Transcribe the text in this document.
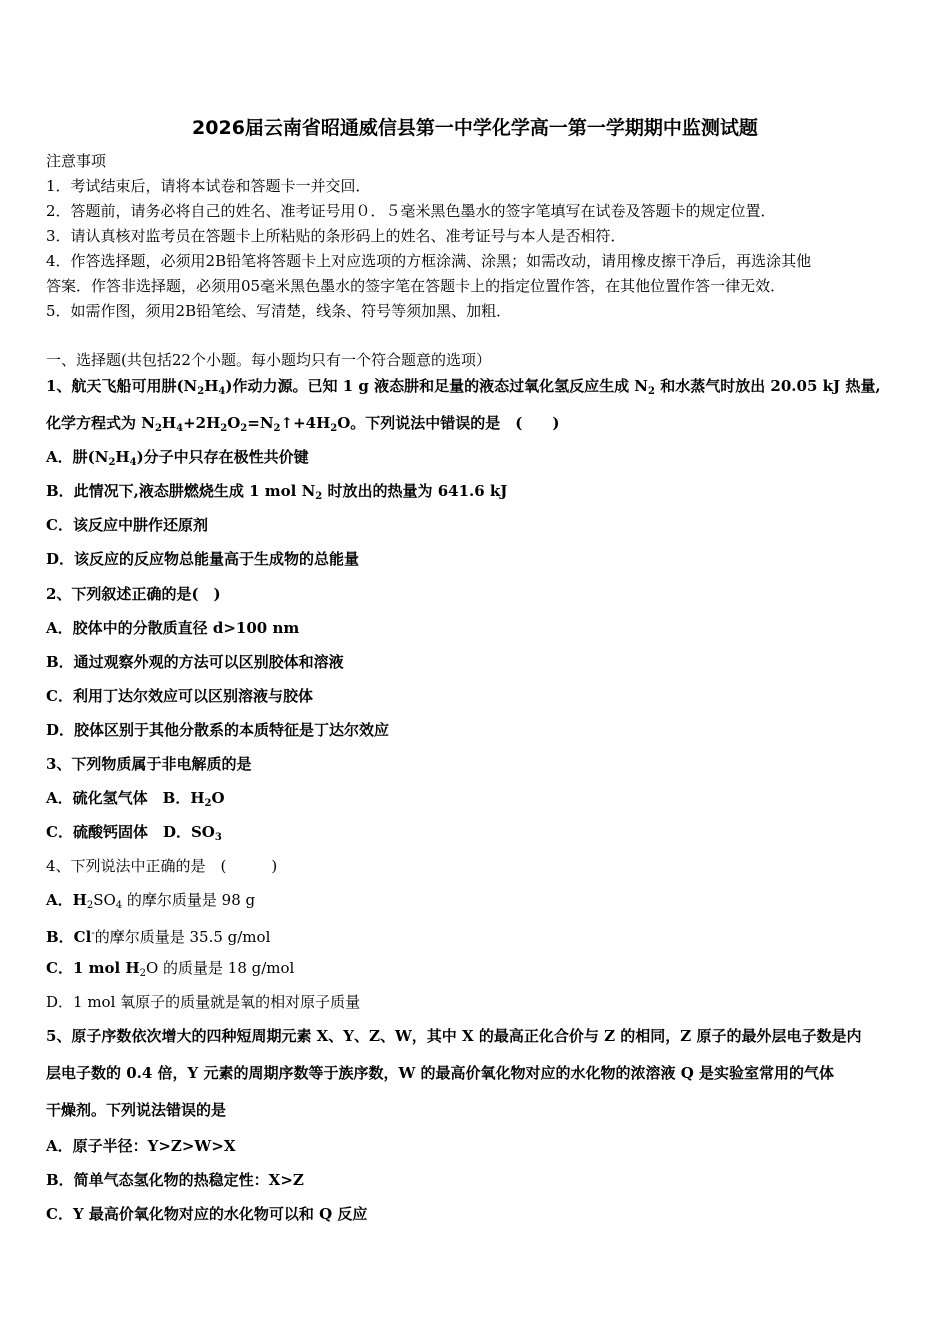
2026届云南省昭通威信县第一中学化学高一第一学期期中监测试题
注意事项
1．考试结束后，请将本试卷和答题卡一并交回．
2．答题前，请务必将自己的姓名、准考证号用０．５毫米黑色墨水的签字笔填写在试卷及答题卡的规定位置．
3．请认真核对监考员在答题卡上所粘贴的条形码上的姓名、准考证号与本人是否相符．
4．作答选择题，必须用2B铅笔将答题卡上对应选项的方框涂满、涂黑；如需改动，请用橡皮擦干净后，再选涂其他
答案．作答非选择题，必须用05毫米黑色墨水的签字笔在答题卡上的指定位置作答，在其他位置作答一律无效．
5．如需作图，须用2B铅笔绘、写清楚，线条、符号等须加黑、加粗．
一、选择题(共包括22个小题。每小题均只有一个符合题意的选项）
1、航天飞船可用肼$(N_2H_4)$作动力源。已知 1 g 液态肼和足量的液态过氧化氢反应生成 $N_2$ 和水蒸气时放出 20.05 kJ 热量,
化学方程式为 $N_2H_4+2H_2O_2=N_2↑+4H_2O$。下列说法中错误的是　(　　)
A．肼$(N_2H_4)$分子中只存在极性共价键
B．此情况下,液态肼燃烧生成 1 mol $N_2$ 时放出的热量为 641.6 kJ
C．该反应中肼作还原剂
D．该反应的反应物总能量高于生成物的总能量
2、下列叙述正确的是(　)
A．胶体中的分散质直径 d>100 nm
B．通过观察外观的方法可以区别胶体和溶液
C．利用丁达尔效应可以区别溶液与胶体
D．胶体区别于其他分散系的本质特征是丁达尔效应
3、下列物质属于非电解质的是
A．硫化氢气体　B．$H_2O$
C．硫酸钙固体　D．$SO_3$
4、下列说法中正确的是　(　　　)
A．$H_2SO_4$ 的摩尔质量是 98 g
B．Cl-的摩尔质量是 35.5 g/mol
C．1 mol $H_2O$ 的质量是 18 g/mol
D．1 mol 氧原子的质量就是氧的相对原子质量
5、原子序数依次增大的四种短周期元素 X、Y、Z、W，其中 X 的最高正化合价与 Z 的相同，Z 原子的最外层电子数是内
层电子数的 0.4 倍，Y 元素的周期序数等于族序数，W 的最高价氧化物对应的水化物的浓溶液 Q 是实验室常用的气体
干燥剂。下列说法错误的是
A．原子半径：Y>Z>W>X
B．简单气态氢化物的热稳定性：X>Z
C．Y 最高价氧化物对应的水化物可以和 Q 反应
